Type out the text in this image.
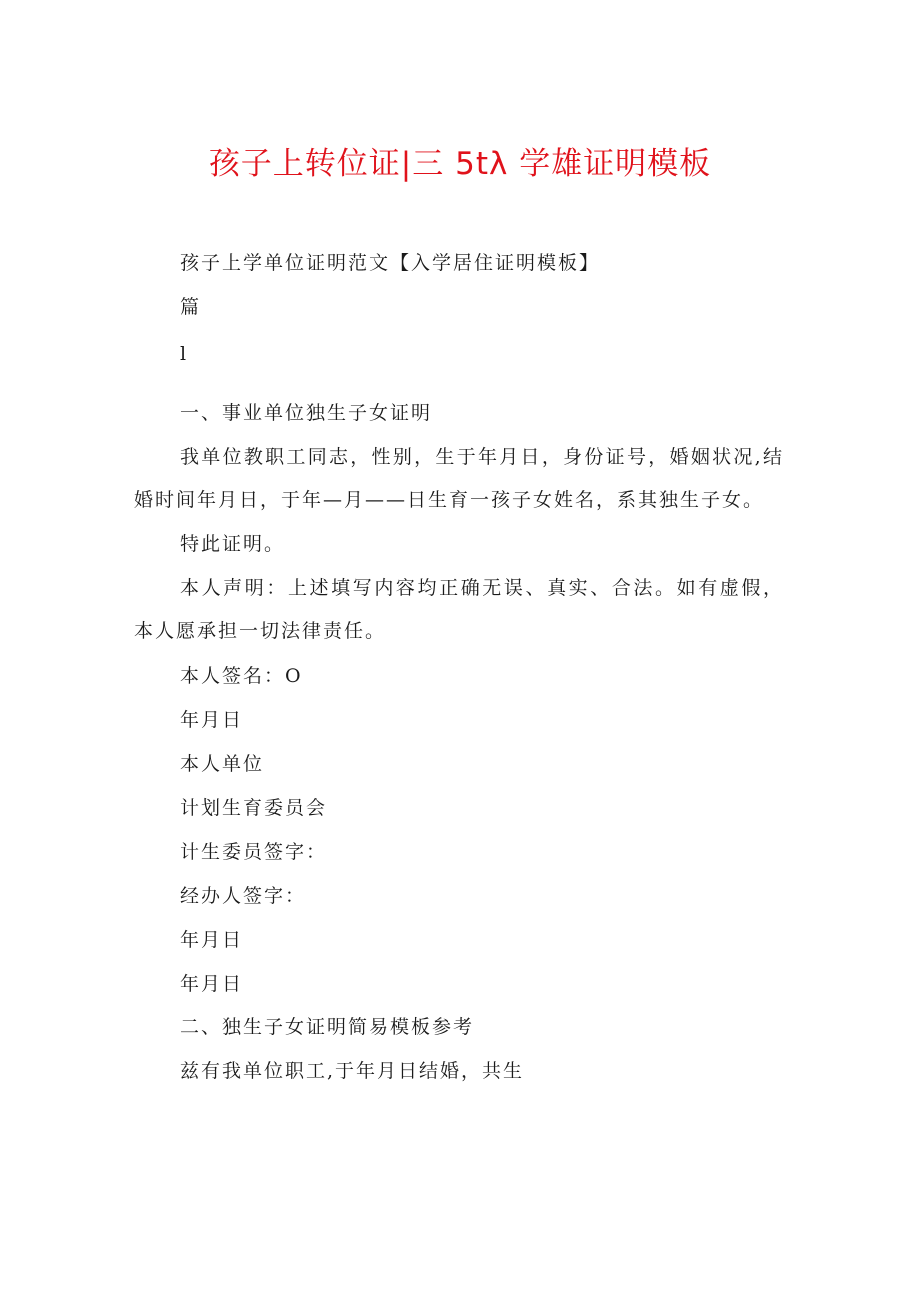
孩子上转位证|三 5tλ 学雄证明模板
孩子上学单位证明范文【入学居住证明模板】
篇
l
一、事业单位独生子女证明
我单位教职工同志，性别，生于年月日，身份证号，婚姻状况,结婚时间年月日，于年—月——日生育一孩子女姓名，系其独生子女。
特此证明。
本人声明：上述填写内容均正确无误、真实、合法。如有虚假，本人愿承担一切法律责任。
本人签名：O
年月日
本人单位
计划生育委员会
计生委员签字：
经办人签字：
年月日
年月日
二、独生子女证明简易模板参考
兹有我单位职工,于年月日结婚，共生
